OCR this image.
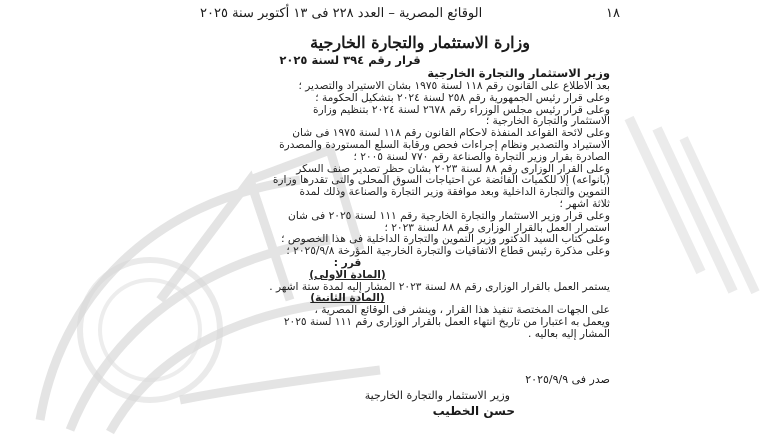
١٨
الوقائع المصرية – العدد ٢٢٨ فى ١٣ أكتوبر سنة ٢٠٢٥
وزارة الاستثمار والتجارة الخارجية
قرار رقم ٣٩٤ لسنة ٢٠٢٥
وزير الاستثمار والتجارة الخارجية
بعد الاطلاع على القانون رقم ١١٨ لسنة ١٩٧٥ بشأن الاستيراد والتصدير ؛
وعلى قرار رئيس الجمهورية رقم ٢٥٨ لسنة ٢٠٢٤ بتشكيل الحكومة ؛
وعلى قرار رئيس مجلس الوزراء رقم ٢٦٧٨ لسنة ٢٠٢٤ بتنظيم وزارة
الاستثمار والتجارة الخارجية ؛
وعلى لائحة القواعد المنفذة لأحكام القانون رقم ١١٨ لسنة ١٩٧٥ فى شأن
الاستيراد والتصدير ونظام إجراءات فحص ورقابة السلع المستوردة والمصدرة
الصادرة بقرار وزير التجارة والصناعة رقم ٧٧٠ لسنة ٢٠٠٥ ؛
وعلى القرار الوزارى رقم ٨٨ لسنة ٢٠٢٣ بشأن حظر تصدير صنف السكر
(بأنواعه) إلا للكميات الفائضة عن احتياجات السوق المحلى والتى تقدرها وزارة
التموين والتجارة الداخلية وبعد موافقة وزير التجارة والصناعة وذلك لمدة
ثلاثة أشهر ؛
وعلى قرار وزير الاستثمار والتجارة الخارجية رقم ١١١ لسنة ٢٠٢٥ فى شأن
استمرار العمل بالقرار الوزارى رقم ٨٨ لسنة ٢٠٢٣ ؛
وعلى كتاب السيد الدكتور وزير التموين والتجارة الداخلية فى هذا الخصوص ؛
وعلى مذكرة رئيس قطاع الاتفاقيات والتجارة الخارجية المؤرخة ٢٠٢٥/٩/٨ ؛
قرر :
(المادة الأولى)
يستمر العمل بالقرار الوزارى رقم ٨٨ لسنة ٢٠٢٣ المشار إليه لمدة ستة أشهر .
(المادة الثانية)
على الجهات المختصة تنفيذ هذا القرار ، وينشر فى الوقائع المصرية ،
ويعمل به اعتبارا من تاريخ انتهاء العمل بالقرار الوزارى رقم ١١١ لسنة ٢٠٢٥
المشار إليه بعاليه .
صدر فى ٢٠٢٥/٩/٩
وزير الاستثمار والتجارة الخارجية
حسن الخطيب
